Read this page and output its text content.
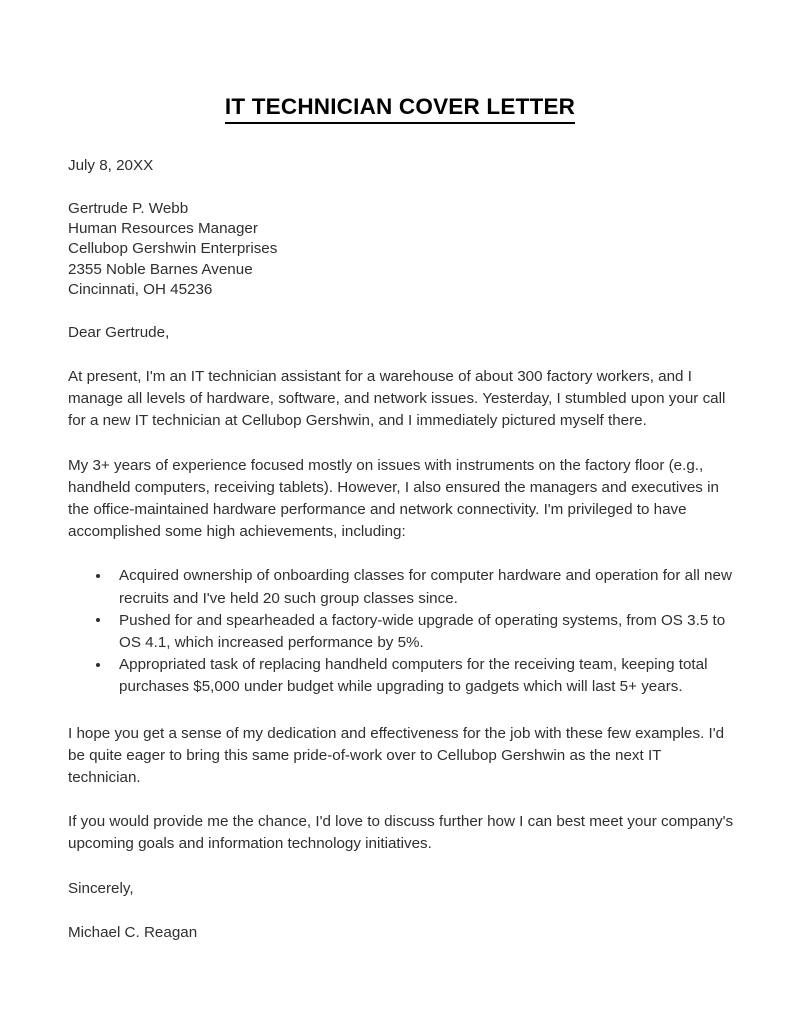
IT TECHNICIAN COVER LETTER
July 8, 20XX
Gertrude P. Webb
Human Resources Manager
Cellubop Gershwin Enterprises
2355 Noble Barnes Avenue
Cincinnati, OH 45236
Dear Gertrude,
At present, I'm an IT technician assistant for a warehouse of about 300 factory workers, and I manage all levels of hardware, software, and network issues. Yesterday, I stumbled upon your call for a new IT technician at Cellubop Gershwin, and I immediately pictured myself there.
My 3+ years of experience focused mostly on issues with instruments on the factory floor (e.g., handheld computers, receiving tablets). However, I also ensured the managers and executives in the office-maintained hardware performance and network connectivity. I'm privileged to have accomplished some high achievements, including:
Acquired ownership of onboarding classes for computer hardware and operation for all new recruits and I've held 20 such group classes since.
Pushed for and spearheaded a factory-wide upgrade of operating systems, from OS 3.5 to OS 4.1, which increased performance by 5%.
Appropriated task of replacing handheld computers for the receiving team, keeping total purchases $5,000 under budget while upgrading to gadgets which will last 5+ years.
I hope you get a sense of my dedication and effectiveness for the job with these few examples. I'd be quite eager to bring this same pride-of-work over to Cellubop Gershwin as the next IT technician.
If you would provide me the chance, I'd love to discuss further how I can best meet your company's upcoming goals and information technology initiatives.
Sincerely,
Michael C. Reagan
